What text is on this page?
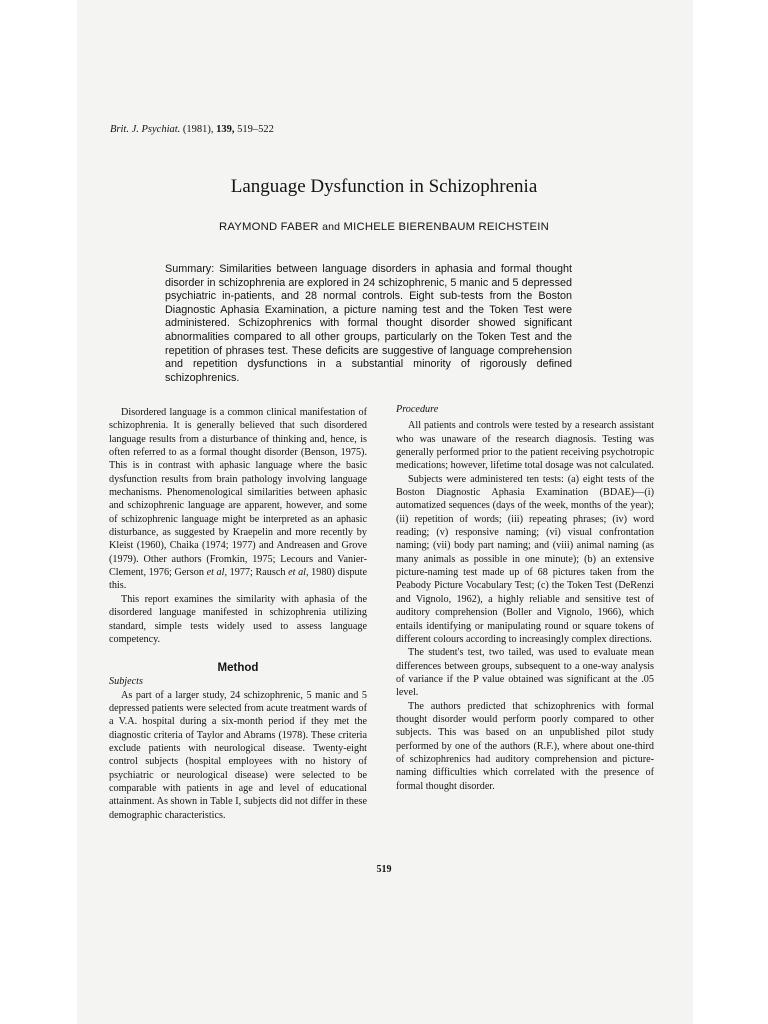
Brit. J. Psychiat. (1981), 139, 519–522
Language Dysfunction in Schizophrenia
RAYMOND FABER and MICHELE BIERENBAUM REICHSTEIN
Summary: Similarities between language disorders in aphasia and formal thought disorder in schizophrenia are explored in 24 schizophrenic, 5 manic and 5 depressed psychiatric in-patients, and 28 normal controls. Eight sub-tests from the Boston Diagnostic Aphasia Examination, a picture naming test and the Token Test were administered. Schizophrenics with formal thought disorder showed significant abnormalities compared to all other groups, particularly on the Token Test and the repetition of phrases test. These deficits are suggestive of language comprehension and repetition dysfunctions in a substantial minority of rigorously defined schizophrenics.

Disordered language is a common clinical manifestation of schizophrenia. It is generally believed that such disordered language results from a disturbance of thinking and, hence, is often referred to as a formal thought disorder (Benson, 1975). This is in contrast with aphasic language where the basic dysfunction results from brain pathology involving language mechanisms. Phenomenological similarities between aphasic and schizophrenic language are apparent, however, and some of schizophrenic language might be interpreted as an aphasic disturbance, as suggested by Kraepelin and more recently by Kleist (1960), Chaika (1974; 1977) and Andreasen and Grove (1979). Other authors (Fromkin, 1975; Lecours and Vanier-Clement, 1976; Gerson et al, 1977; Rausch et al, 1980) dispute this.

This report examines the similarity with aphasia of the disordered language manifested in schizophrenia utilizing standard, simple tests widely used to assess language competency.

Method
Subjects

As part of a larger study, 24 schizophrenic, 5 manic and 5 depressed patients were selected from acute treatment wards of a V.A. hospital during a six-month period if they met the diagnostic criteria of Taylor and Abrams (1978). These criteria exclude patients with neurological disease. Twenty-eight control subjects (hospital employees with no history of psychiatric or neurological disease) were selected to be comparable with patients in age and level of educational attainment. As shown in Table I, subjects did not differ in these demographic characteristics.

Procedure

All patients and controls were tested by a research assistant who was unaware of the research diagnosis. Testing was generally performed prior to the patient receiving psychotropic medications; however, lifetime total dosage was not calculated.

Subjects were administered ten tests: (a) eight tests of the Boston Diagnostic Aphasia Examination (BDAE)—(i) automatized sequences (days of the week, months of the year); (ii) repetition of words; (iii) repeating phrases; (iv) word reading; (v) responsive naming; (vi) visual confrontation naming; (vii) body part naming; and (viii) animal naming (as many animals as possible in one minute); (b) an extensive picture-naming test made up of 68 pictures taken from the Peabody Picture Vocabulary Test; (c) the Token Test (DeRenzi and Vignolo, 1962), a highly reliable and sensitive test of auditory comprehension (Boller and Vignolo, 1966), which entails identifying or manipulating round or square tokens of different colours according to increasingly complex directions.

The student's test, two tailed, was used to evaluate mean differences between groups, subsequent to a one-way analysis of variance if the P value obtained was significant at the .05 level.

The authors predicted that schizophrenics with formal thought disorder would perform poorly compared to other subjects. This was based on an unpublished pilot study performed by one of the authors (R.F.), where about one-third of schizophrenics had auditory comprehension and picture-naming difficulties which correlated with the presence of formal thought disorder.

519
